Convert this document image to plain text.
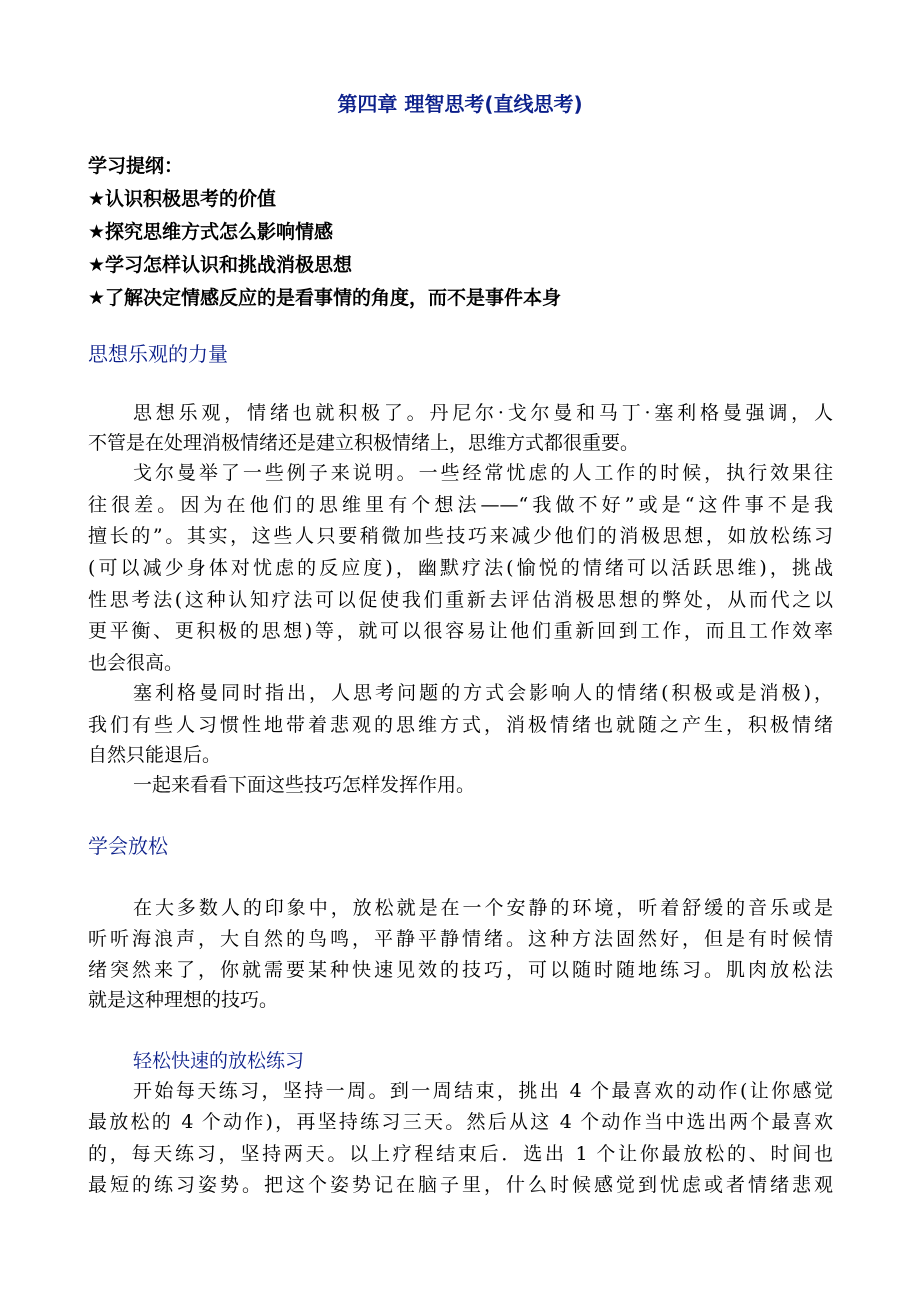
第四章 理智思考(直线思考)
学习提纲：
★认识积极思考的价值
★探究思维方式怎么影响情感
★学习怎样认识和挑战消极思想
★了解决定情感反应的是看事情的角度，而不是事件本身
思想乐观的力量
思想乐观，情绪也就积极了。丹尼尔·戈尔曼和马丁·塞利格曼强调，人
不管是在处理消极情绪还是建立积极情绪上，思维方式都很重要。
戈尔曼举了一些例子来说明。一些经常忧虑的人工作的时候，执行效果往
往很差。因为在他们的思维里有个想法——“我做不好”或是“这件事不是我
擅长的”。其实，这些人只要稍微加些技巧来减少他们的消极思想，如放松练习
(可以减少身体对忧虑的反应度)，幽默疗法(愉悦的情绪可以活跃思维)，挑战
性思考法(这种认知疗法可以促使我们重新去评估消极思想的弊处，从而代之以
更平衡、更积极的思想)等，就可以很容易让他们重新回到工作，而且工作效率
也会很高。
塞利格曼同时指出，人思考问题的方式会影响人的情绪(积极或是消极)，
我们有些人习惯性地带着悲观的思维方式，消极情绪也就随之产生，积极情绪
自然只能退后。
一起来看看下面这些技巧怎样发挥作用。
学会放松
在大多数人的印象中，放松就是在一个安静的环境，听着舒缓的音乐或是
听听海浪声，大自然的鸟鸣，平静平静情绪。这种方法固然好，但是有时候情
绪突然来了，你就需要某种快速见效的技巧，可以随时随地练习。肌肉放松法
就是这种理想的技巧。
轻松快速的放松练习
开始每天练习，坚持一周。到一周结束，挑出 4 个最喜欢的动作(让你感觉
最放松的 4 个动作)，再坚持练习三天。然后从这 4 个动作当中选出两个最喜欢
的，每天练习，坚持两天。以上疗程结束后．选出 1 个让你最放松的、时间也
最短的练习姿势。把这个姿势记在脑子里，什么时候感觉到忧虑或者情绪悲观
